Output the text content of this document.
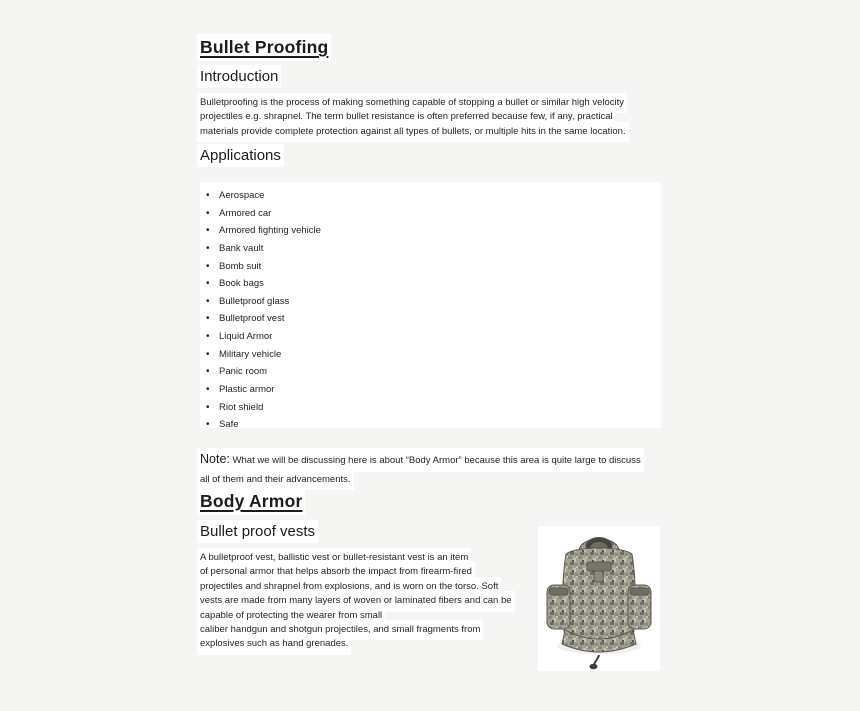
Bullet Proofing
Introduction
Bulletproofing is the process of making something capable of stopping a bullet or similar high velocity
projectiles e.g. shrapnel. The term bullet resistance is often preferred because few, if any, practical
materials provide complete protection against all types of bullets, or multiple hits in the same location.
Applications
• Aerospace
• Armored car
• Armored fighting vehicle
• Bank vault
• Bomb suit
• Book bags
• Bulletproof glass
• Bulletproof vest
• Liquid Armor
• Military vehicle
• Panic room
• Plastic armor
• Riot shield
• Safe
Note: What we will be discussing here is about “Body Armor” because this area is quite large to discuss
all of them and their advancements.
Body Armor
Bullet proof vests
A bulletproof vest, ballistic vest or bullet-resistant vest is an item
of personal armor that helps absorb the impact from firearm-fired
projectiles and shrapnel from explosions, and is worn on the torso. Soft
vests are made from many layers of woven or laminated fibers and can be
capable of protecting the wearer from small
caliber handgun and shotgun projectiles, and small fragments from
explosives such as hand grenades.
